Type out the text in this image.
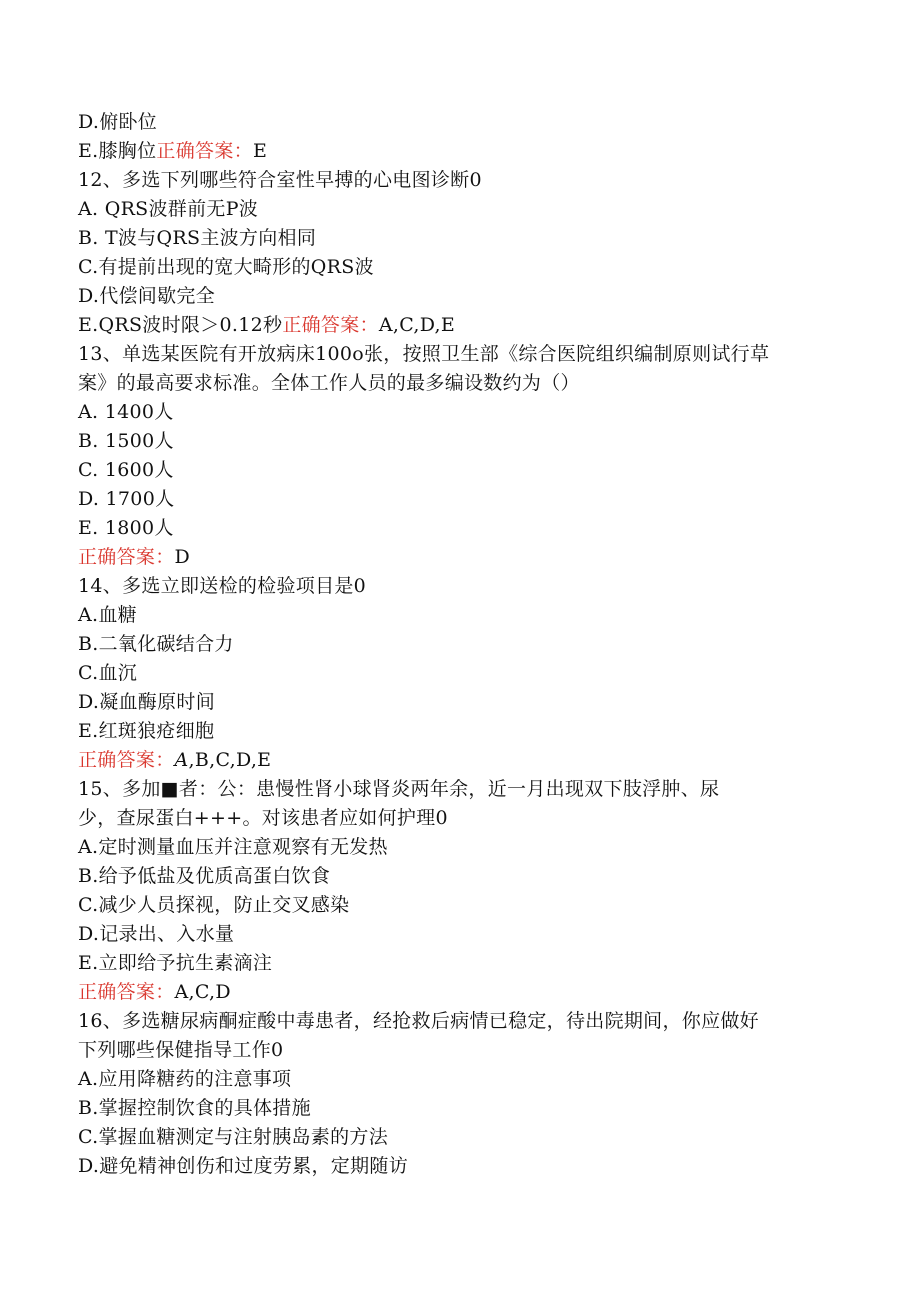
D.俯卧位
E.膝胸位正确答案：E
12、多选下列哪些符合室性早搏的心电图诊断0
A. QRS波群前无P波
B. T波与QRS主波方向相同
C.有提前出现的宽大畸形的QRS波
D.代偿间歇完全
E.QRS波时限＞0.12秒正确答案：A,C,D,E
13、单选某医院有开放病床100o张，按照卫生部《综合医院组织编制原则试行草
案》的最高要求标准。全体工作人员的最多编设数约为（）
A. 1400人
B. 1500人
C. 1600人
D. 1700人
E. 1800人
正确答案：D
14、多选立即送检的检验项目是0
A.血糖
B.二氧化碳结合力
C.血沉
D.凝血酶原时间
E.红斑狼疮细胞
正确答案：A,B,C,D,E
15、多加■者：公：患慢性肾小球肾炎两年余，近一月出现双下肢浮肿、尿
少，查尿蛋白+++。对该患者应如何护理0
A.定时测量血压并注意观察有无发热
B.给予低盐及优质高蛋白饮食
C.减少人员探视，防止交叉感染
D.记录出、入水量
E.立即给予抗生素滴注
正确答案：A,C,D
16、多选糖尿病酮症酸中毒患者，经抢救后病情已稳定，待出院期间，你应做好
下列哪些保健指导工作0
A.应用降糖药的注意事项
B.掌握控制饮食的具体措施
C.掌握血糖测定与注射胰岛素的方法
D.避免精神创伤和过度劳累，定期随访
